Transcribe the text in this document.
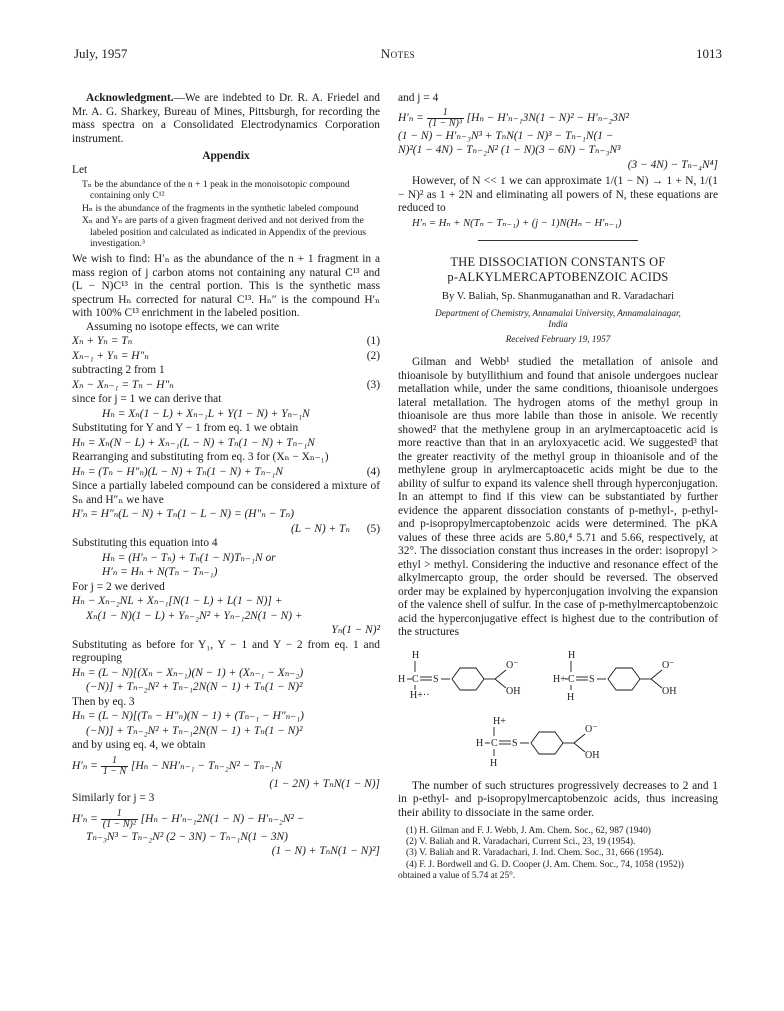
July, 1957	Notes	1013

Acknowledgment.—We are indebted to Dr. R. A. Friedel and Mr. A. G. Sharkey, Bureau of Mines, Pittsburgh, for recording the mass spectra on a Consolidated Electrodynamics Corporation instrument.

Appendix
Let
Tₙ be the abundance of the n + 1 peak in the monoisotopic compound containing only C¹²
Hₙ is the abundance of the fragments in the synthetic labeled compound
Xₙ and Yₙ are parts of a given fragment derived and not derived from the labeled position and calculated as indicated in Appendix of the previous investigation.³

We wish to find: H′ₙ as the abundance of the n + 1 fragment in a mass region of j carbon atoms not containing any natural C¹³ and (L − N)C¹³ in the central portion. This is the synthetic mass spectrum Hₙ corrected for natural C¹³. Hₙ″ is the compound H′ₙ with 100% C¹³ enrichment in the labeled position.

Assuming no isotope effects, we can write

Xₙ + Yₙ = Tₙ	(1)
Xₙ₋₁ + Yₙ = H″ₙ	(2)
subtracting 2 from 1
Xₙ − Xₙ₋₁ = Tₙ − H″ₙ	(3)
since for j = 1 we can derive that
Hₙ = Xₙ(1 − L) + Xₙ₋₁L + Y(1 − N) + Yₙ₋₁N

Substituting for Y and Y − 1 from eq. 1 we obtain

Hₙ = Xₙ(N − L) + Xₙ₋₁(L − N) + Tₙ(1 − N) + Tₙ₋₁N

Rearranging and substituting from eq. 3 for (Xₙ − Xₙ₋₁)

Hₙ = (Tₙ − H″ₙ)(L − N) + Tₙ(1 − N) + Tₙ₋₁N	(4)

Since a partially labeled compound can be considered a mixture of Sₙ and H″ₙ we have

H′ₙ = H″ₙ(L − N) + Tₙ(1 − L − N) = (H″ₙ − Tₙ)
(L − N) + Tₙ (5)
Substituting this equation into 4
Hₙ = (H′ₙ − Tₙ) + Tₙ(1 − N)Tₙ₋₁N or
H′ₙ = Hₙ + N(Tₙ − Tₙ₋₁)
For j = 2 we derived
Hₙ − Xₙ₋₂NL + Xₙ₋₁[N(1 − L) + L(1 − N)] +
Xₙ(1 − N)(1 − L) + Yₙ₋₂N² + Yₙ₋₁2N(1 − N) +
Yₙ(1 − N)²

Substituting as before for Y₁, Y − 1 and Y − 2 from eq. 1 and regrouping

Hₙ = (L − N)[(Xₙ − Xₙ₋₁)(N − 1) + (Xₙ₋₁ − Xₙ₋₂)
(−N)] + Tₙ₋₂N² + Tₙ₋₁2N(N − 1) + Tₙ(1 − N)²
Then by eq. 3
Hₙ = (L − N)[(Tₙ − H″ₙ)(N − 1) + (Tₙ₋₁ − H″ₙ₋₁)
(−N)] + Tₙ₋₂N² + Tₙ₋₁2N(N − 1) + Tₙ(1 − N)²
and by using eq. 4, we obtain
$H'_n = \frac{1}{1 - N} [H_n - NH'_{n-1} - T_{n-2}N^2 - T_{n-1}N$
(1 − 2N) + TₙN(1 − N)]
Similarly for j = 3
$H'_n = \frac{1}{\text{(1 − N)²}} [H_n - H'_{n-1}2N(1 - N) - H'_{n-2}N^2$ −
Tₙ₋₃N³ − Tₙ₋₂N² (2 − 3N) − Tₙ₋₁N(1 − 3N)
(1 − N) + TₙN(1 − N)²]
and j = 4
$H'_n = \frac{1}{\text{(1 − N)³}} [H_n - H'_{n-1}3N(1 - N)^2 - H'_{n-2}3N^2$
(1 − N) − H′ₙ₋₃N³ + TₙN(1 − N)³ − Tₙ₋₁N(1 −
N)²(1 − 4N) − Tₙ₋₂N² (1 − N)(3 − 6N) − Tₙ₋₃N³
(3 − 4N) − Tₙ₋₄N⁴]

However, of N << 1 we can approximate 1/(1 − N) → 1 + N, 1/(1 − N)² as 1 + 2N and eliminating all powers of N, these equations are reduced to

H′ₙ = Hₙ + N(Tₙ − Tₙ₋₁) + (j − 1)N(Hₙ − H′ₙ₋₁)
THE DISSOCIATION CONSTANTS OF
p-ALKYLMERCAPTOBENZOIC ACIDS
By V. Baliah, Sp. Shanmuganathan and R. Varadachari
Department of Chemistry, Annamalai University, Annamalainagar,
India
Received February 19, 1957

Gilman and Webb¹ studied the metallation of anisole and thioanisole by butyllithium and found that anisole undergoes nuclear metallation while, under the same conditions, thioanisole undergoes lateral metallation. The hydrogen atoms of the methyl group in thioanisole are thus more labile than those in anisole. We recently showed² that the methylene group in an arylmercaptoacetic acid is more reactive than that in an aryloxyacetic acid. We suggested³ that the greater reactivity of the methyl group in thioanisole and of the methylene group in arylmercaptoacetic acids might be due to the ability of sulfur to expand its valence shell through hyperconjugation. In an attempt to find if this view can be substantiated by further evidence the apparent dissociation constants of p-methyl-, p-ethyl- and p-isopropylmercaptobenzoic acids were determined. The pKA values of these three acids are 5.80,⁴ 5.71 and 5.66, respectively, at 32°. The dissociation constant thus increases in the order: isopropyl > ethyl > methyl. Considering the inductive and resonance effect of the alkylmercapto group, the order should be reversed. The observed order may be explained by hyperconjugation involving the expansion of the valence shell of sulfur. In the case of p-methylmercaptobenzoic acid the hyperconjugative effect is highest due to the contribution of the structures

H
H C
H+··
S
O⁻
OH
H
H+ C
H
S
O⁻
OH
H+
H C
H
S
O⁻
OH

The number of such structures progressively decreases to 2 and 1 in p-ethyl- and p-isopropylmercaptobenzoic acids, thus increasing their ability to dissociate in the same order.

(1) H. Gilman and F. J. Webb, J. Am. Chem. Soc., 62, 987 (1940)
(2) V. Baliah and R. Varadachari, Current Sci., 23, 19 (1954).
(3) V. Baliah and R. Varadachari, J. Ind. Chem. Soc., 31, 666 (1954).
(4) F. J. Bordwell and G. D. Cooper (J. Am. Chem. Soc., 74, 1058 (1952)) obtained a value of 5.74 at 25°.
